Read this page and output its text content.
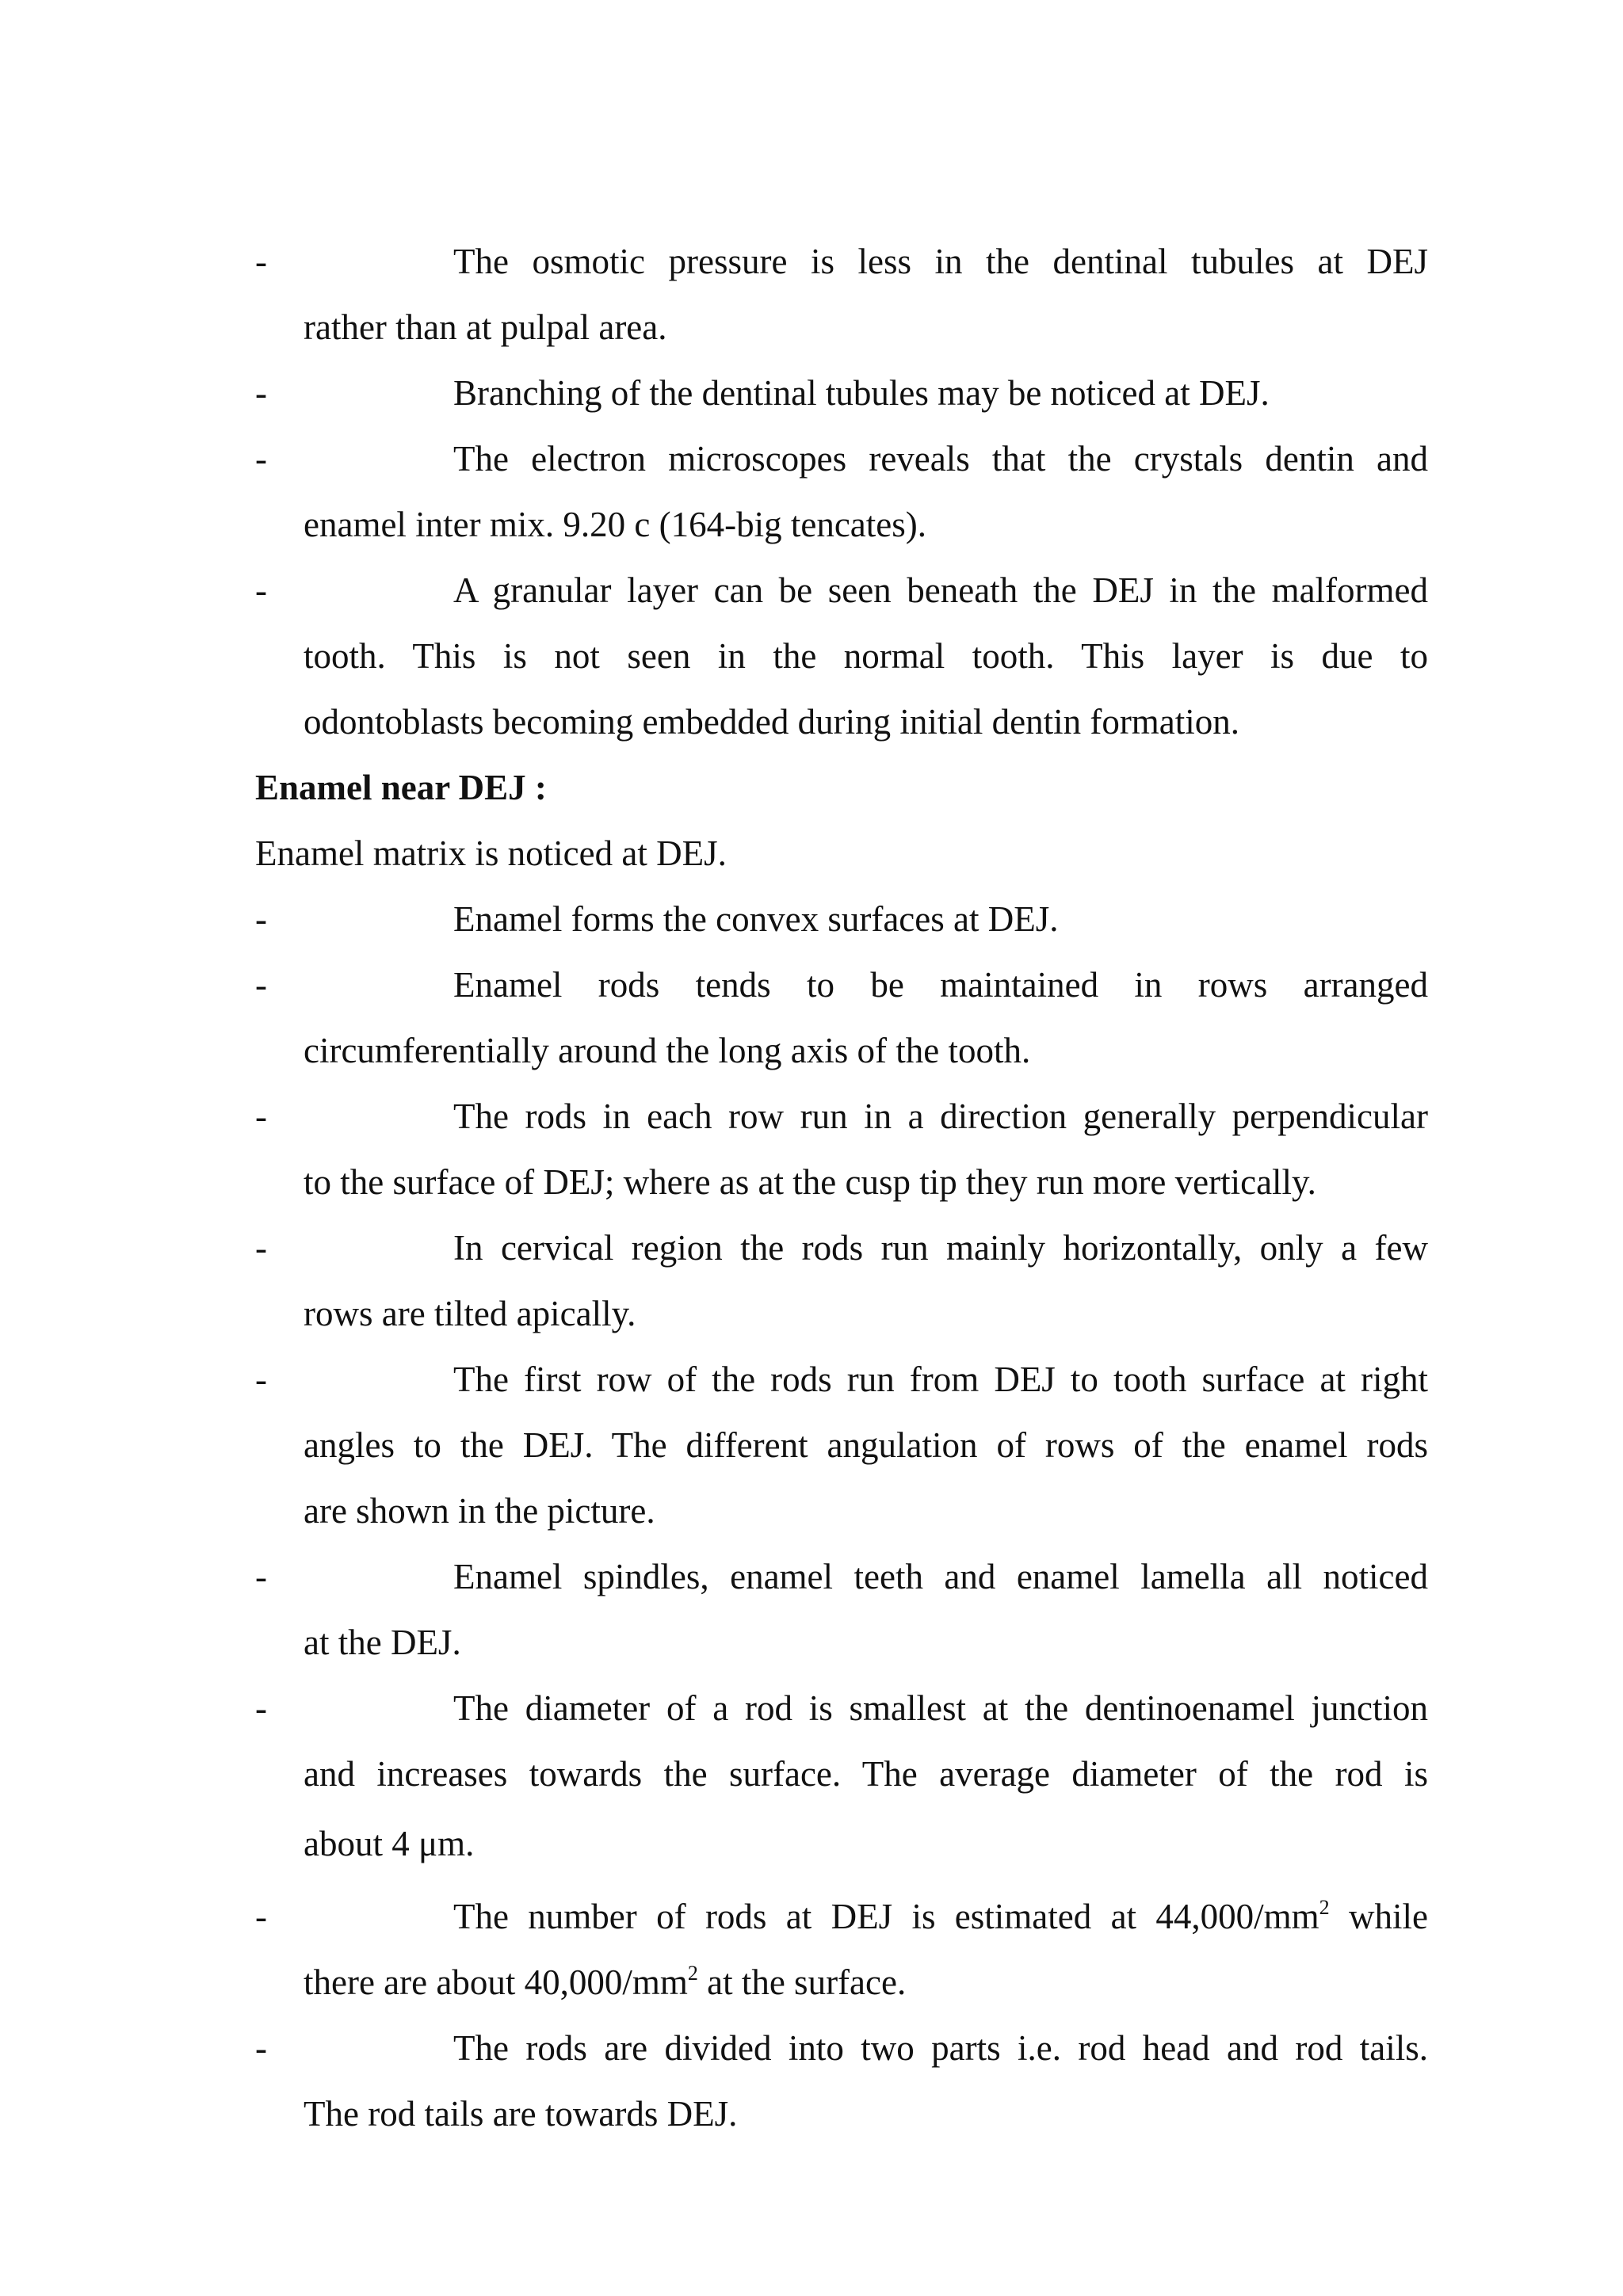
-	The osmotic pressure is less in the dentinal tubules at DEJ
rather than at pulpal area.
-	Branching of the dentinal tubules may be noticed at DEJ.
-	The electron microscopes reveals that the crystals dentin and
enamel inter mix. 9.20 c (164-big tencates).
-	A granular layer can be seen beneath the DEJ in the malformed
tooth. This is not seen in the normal tooth. This layer is due to
odontoblasts becoming embedded during initial dentin formation.
Enamel near DEJ :
Enamel matrix is noticed at DEJ.
-	Enamel forms the convex surfaces at DEJ.
-	Enamel rods tends to be maintained in rows arranged
circumferentially around the long axis of the tooth.
-	The rods in each row run in a direction generally perpendicular
to the surface of DEJ; where as at the cusp tip they run more vertically.
-	In cervical region the rods run mainly horizontally, only a few
rows are tilted apically.
-	The first row of the rods run from DEJ to tooth surface at right
angles to the DEJ. The different angulation of rows of the enamel rods
are shown in the picture.
-	Enamel spindles, enamel teeth and enamel lamella all noticed
at the DEJ.
-	The diameter of a rod is smallest at the dentinoenamel junction
and increases towards the surface. The average diameter of the rod is
about 4 μm.
-	The number of rods at DEJ is estimated at $44,000/mm^2$ while
there are about $40,000/mm^2$ at the surface.
-	The rods are divided into two parts i.e. rod head and rod tails.
The rod tails are towards DEJ.
